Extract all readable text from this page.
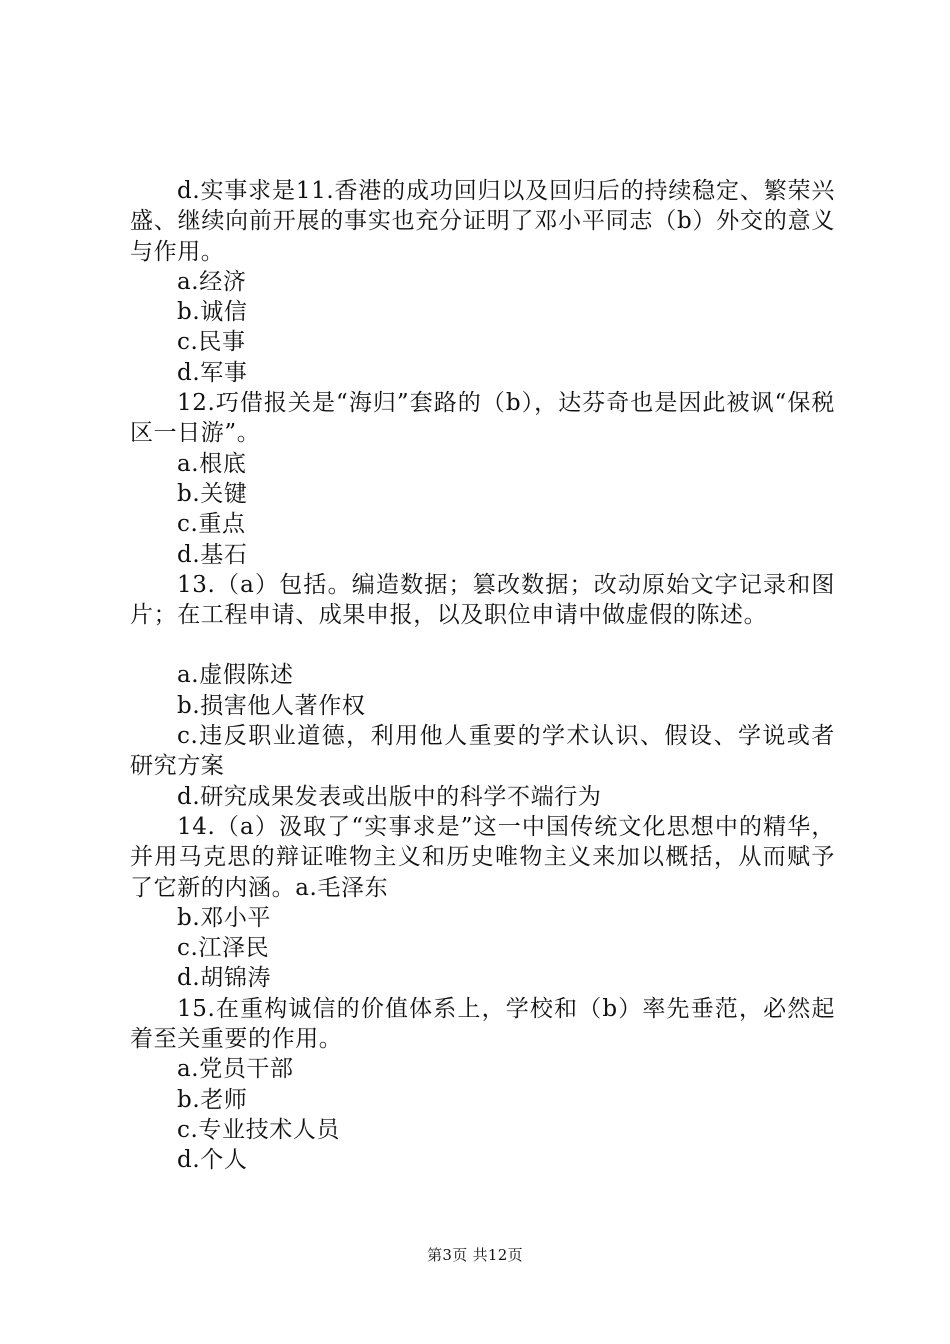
d.实事求是11.香港的成功回归以及回归后的持续稳定、繁荣兴盛、继续向前开展的事实也充分证明了邓小平同志（b）外交的意义与作用。

a.经济

b.诚信

c.民事

d.军事

12.巧借报关是“海归”套路的（b），达芬奇也是因此被讽“保税区一日游”。

a.根底

b.关键

c.重点

d.基石

13.（a）包括。编造数据；篡改数据；改动原始文字记录和图片；在工程申请、成果申报，以及职位申请中做虚假的陈述。

a.虚假陈述

b.损害他人著作权

c.违反职业道德，利用他人重要的学术认识、假设、学说或者研究方案

d.研究成果发表或出版中的科学不端行为

14.（a）汲取了“实事求是”这一中国传统文化思想中的精华，并用马克思的辩证唯物主义和历史唯物主义来加以概括，从而赋予了它新的内涵。a.毛泽东

b.邓小平

c.江泽民

d.胡锦涛

15.在重构诚信的价值体系上，学校和（b）率先垂范，必然起着至关重要的作用。

a.党员干部

b.老师

c.专业技术人员

d.个人

第3页 共12页
